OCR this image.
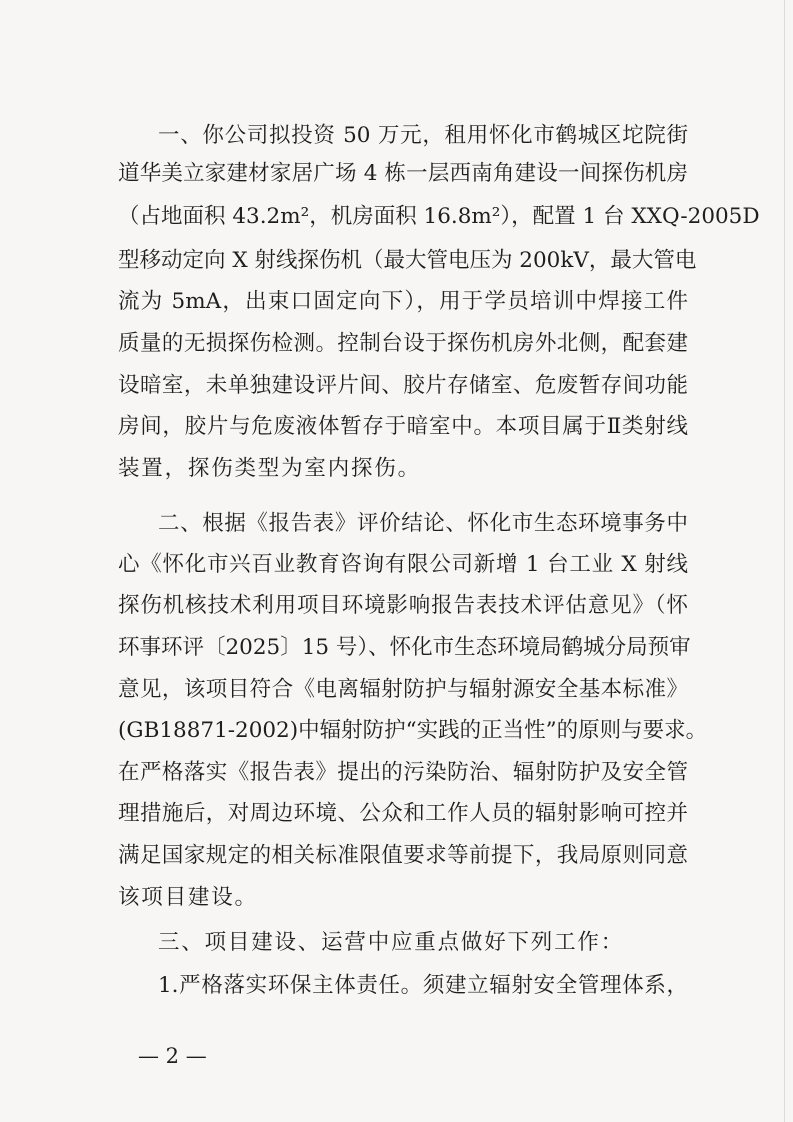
一、你公司拟投资 50 万元，租用怀化市鹤城区坨院街
道华美立家建材家居广场 4 栋一层西南角建设一间探伤机房
（占地面积 43.2m²，机房面积 16.8m²），配置 1 台 XXQ-2005D
型移动定向 X 射线探伤机（最大管电压为 200kV，最大管电
流为 5mA，出束口固定向下），用于学员培训中焊接工件
质量的无损探伤检测。控制台设于探伤机房外北侧，配套建
设暗室，未单独建设评片间、胶片存储室、危废暂存间功能
房间，胶片与危废液体暂存于暗室中。本项目属于Ⅱ类射线
装置，探伤类型为室内探伤。
二、根据《报告表》评价结论、怀化市生态环境事务中
心《怀化市兴百业教育咨询有限公司新增 1 台工业 X 射线
探伤机核技术利用项目环境影响报告表技术评估意见》（怀
环事环评〔2025〕15 号）、怀化市生态环境局鹤城分局预审
意见，该项目符合《电离辐射防护与辐射源安全基本标准》
(GB18871-2002)中辐射防护“实践的正当性”的原则与要求。
在严格落实《报告表》提出的污染防治、辐射防护及安全管
理措施后，对周边环境、公众和工作人员的辐射影响可控并
满足国家规定的相关标准限值要求等前提下，我局原则同意
该项目建设。
三、项目建设、运营中应重点做好下列工作：
1.严格落实环保主体责任。须建立辐射安全管理体系，
— 2 —
